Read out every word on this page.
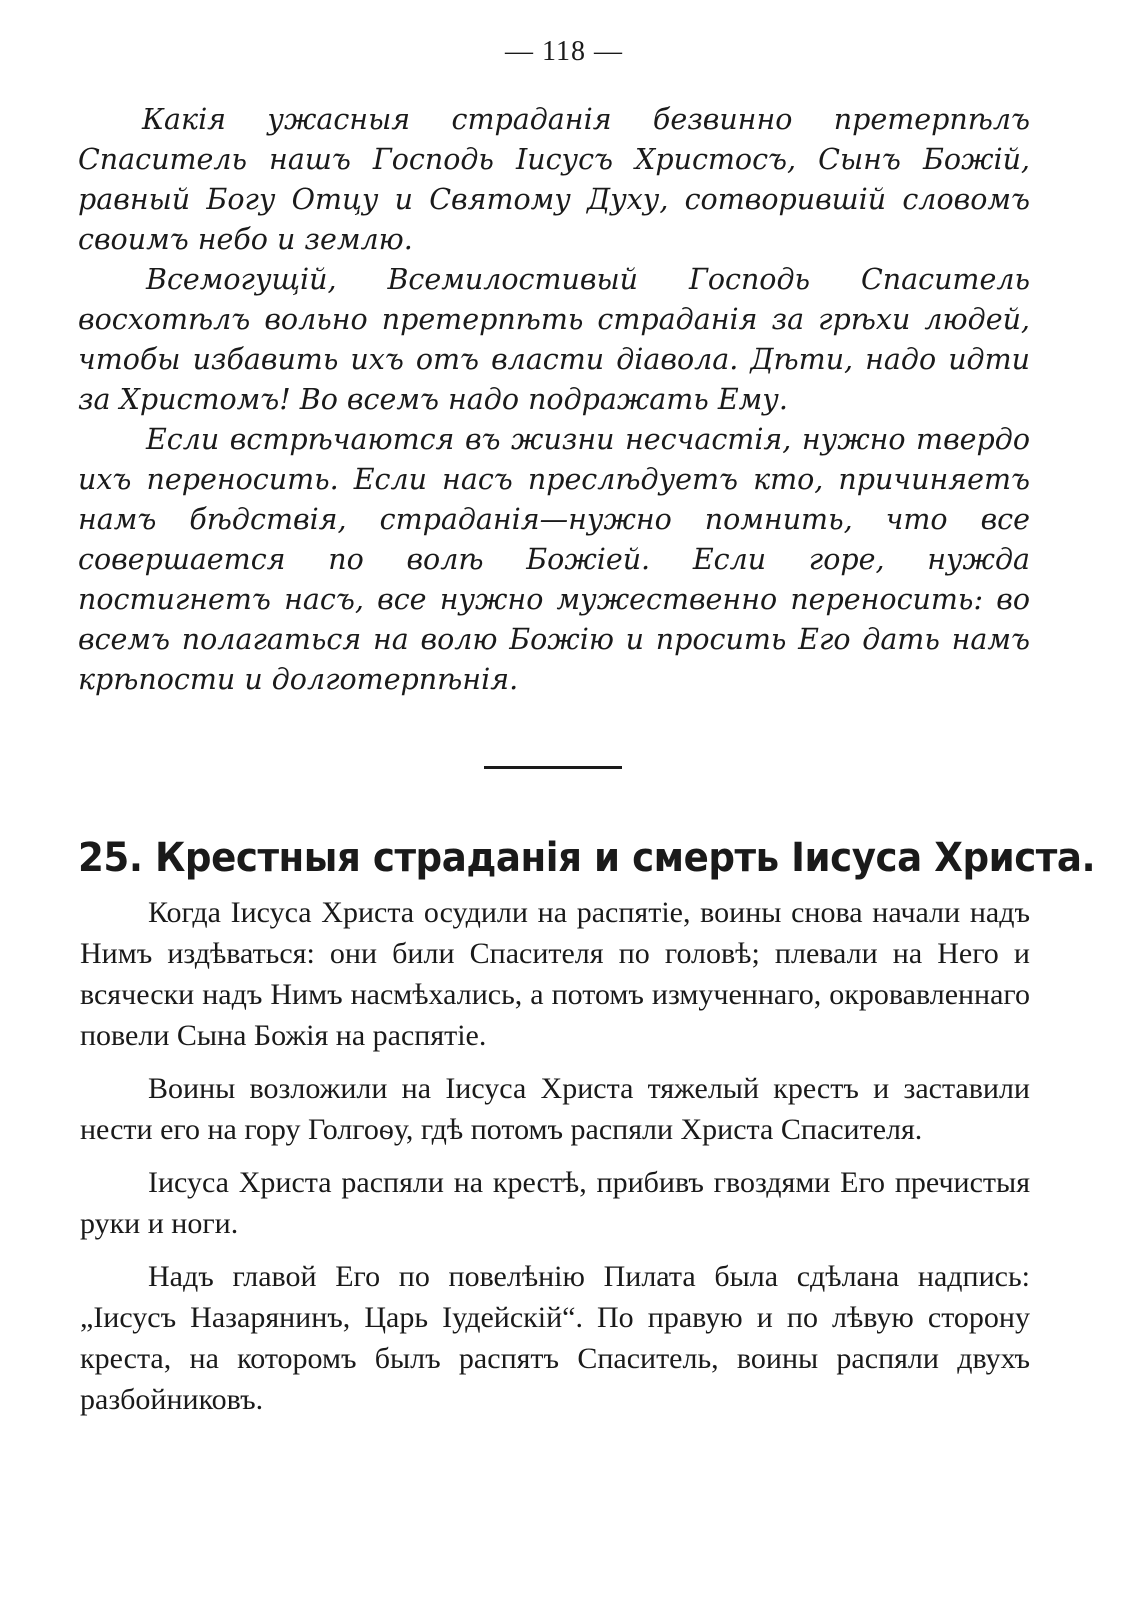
— 118 —

Какія ужасныя страданія безвинно претерпѣлъ Спаситель нашъ Господь Іисусъ Христосъ, Сынъ Божій, равный Богу Отцу и Святому Духу, сотворившій словомъ своимъ небо и землю.

Всемогущій, Всемилостивый Господь Спаситель восхотѣлъ вольно претерпѣть страданія за грѣхи людей, чтобы избавить ихъ отъ власти діавола. Дѣти, надо идти за Христомъ! Во всемъ надо подражать Ему.

Если встрѣчаются въ жизни несчастія, нужно твердо ихъ переносить. Если насъ преслѣдуетъ кто, причиняетъ намъ бѣдствія, страданія—нужно помнить, что все совершается по волѣ Божіей. Если горе, нужда постигнетъ насъ, все нужно мужественно переносить: во всемъ полагаться на волю Божію и просить Его дать намъ крѣпости и долготерпѣнія.

25. Крестныя страданія и смерть Іисуса Христа.

Когда Іисуса Христа осудили на распятіе, воины снова начали надъ Нимъ издѣваться: они били Спасителя по головѣ; плевали на Него и всячески надъ Нимъ насмѣхались, а потомъ измученнаго, окровавленнаго повели Сына Божія на распятіе.

Воины возложили на Іисуса Христа тяжелый крестъ и заставили нести его на гору Голгоѳу, гдѣ потомъ распяли Христа Спасителя.

Іисуса Христа распяли на крестѣ, прибивъ гвоздями Его пречистыя руки и ноги.

Надъ главой Его по повелѣнію Пилата была сдѣлана надпись: „Іисусъ Назарянинъ, Царь Іудейскій“. По правую и по лѣвую сторону креста, на которомъ былъ распятъ Спаситель, воины распяли двухъ разбойниковъ.
